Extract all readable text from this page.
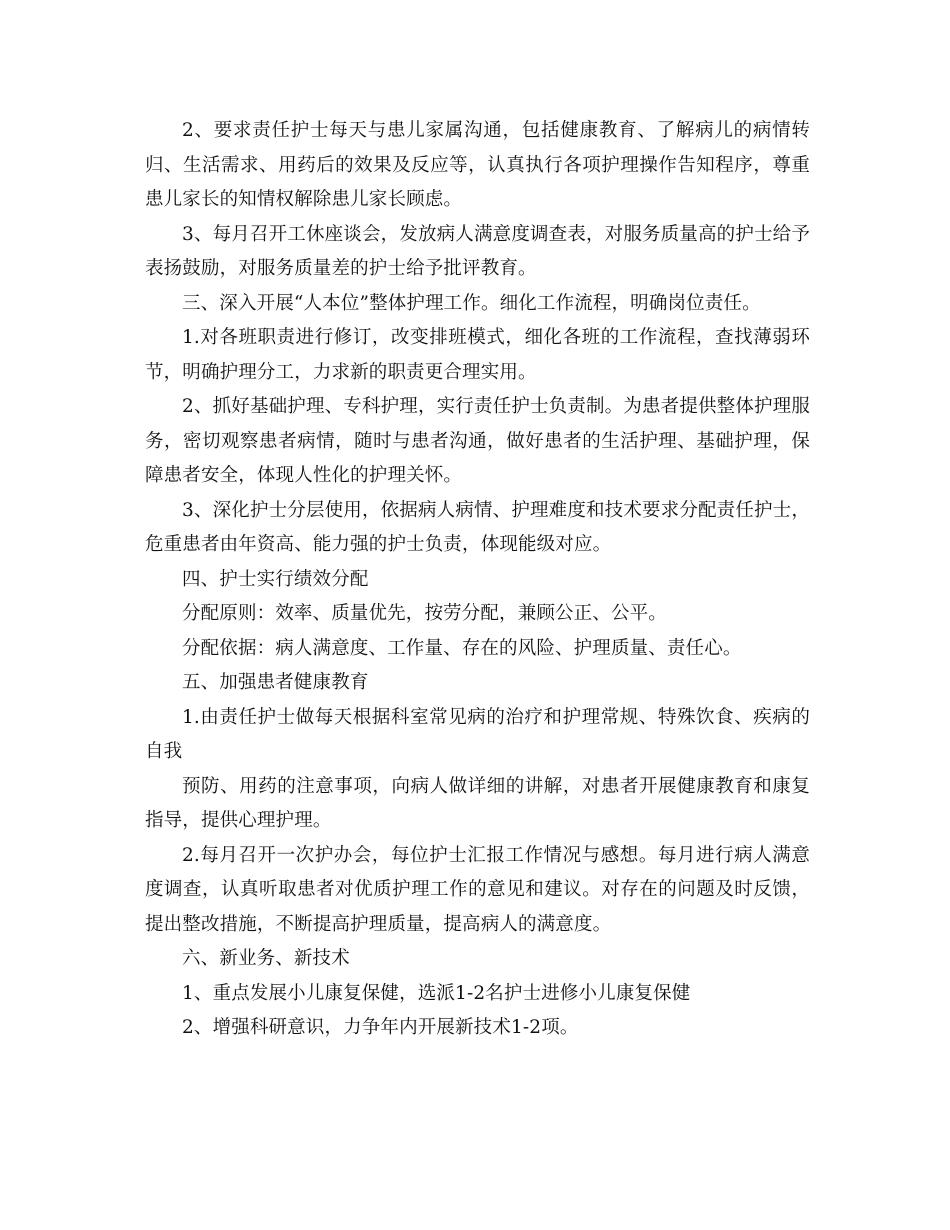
2、要求责任护士每天与患儿家属沟通，包括健康教育、了解病儿的病情转归、生活需求、用药后的效果及反应等，认真执行各项护理操作告知程序，尊重患儿家长的知情权解除患儿家长顾虑。

3、每月召开工休座谈会，发放病人满意度调查表，对服务质量高的护士给予表扬鼓励，对服务质量差的护士给予批评教育。

三、深入开展“人本位”整体护理工作。细化工作流程，明确岗位责任。

1.对各班职责进行修订，改变排班模式，细化各班的工作流程，查找薄弱环节，明确护理分工，力求新的职责更合理实用。

2、抓好基础护理、专科护理，实行责任护士负责制。为患者提供整体护理服务，密切观察患者病情，随时与患者沟通，做好患者的生活护理、基础护理，保障患者安全，体现人性化的护理关怀。

3、深化护士分层使用，依据病人病情、护理难度和技术要求分配责任护士，危重患者由年资高、能力强的护士负责，体现能级对应。

四、护士实行绩效分配

分配原则：效率、质量优先，按劳分配，兼顾公正、公平。

分配依据：病人满意度、工作量、存在的风险、护理质量、责任心。

五、加强患者健康教育

1.由责任护士做每天根据科室常见病的治疗和护理常规、特殊饮食、疾病的自我

预防、用药的注意事项，向病人做详细的讲解，对患者开展健康教育和康复指导，提供心理护理。

2.每月召开一次护办会，每位护士汇报工作情况与感想。每月进行病人满意度调查，认真听取患者对优质护理工作的意见和建议。对存在的问题及时反馈，提出整改措施，不断提高护理质量，提高病人的满意度。

六、新业务、新技术

1、重点发展小儿康复保健，选派1-2名护士进修小儿康复保健

2、增强科研意识，力争年内开展新技术1-2项。
